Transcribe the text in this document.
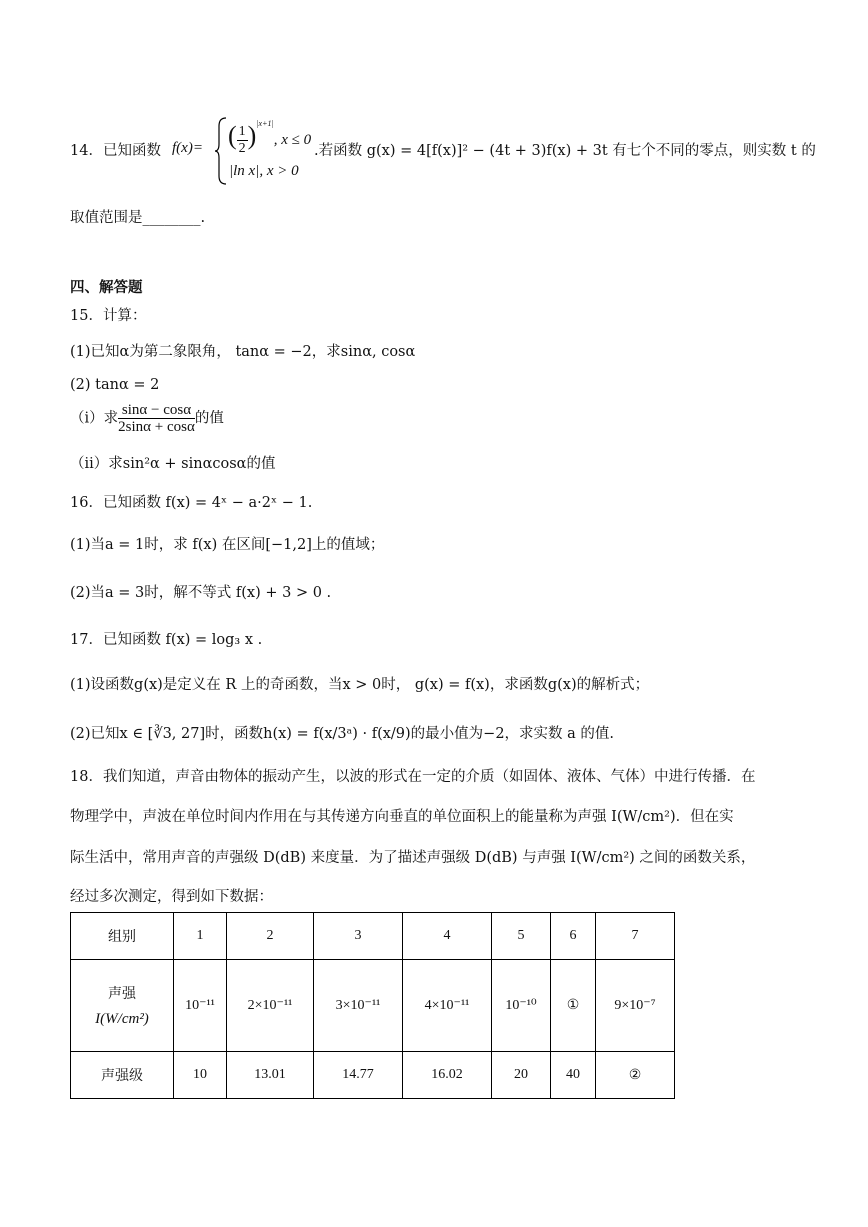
14．已知函数 f(x)= ( $\frac{1}{2} )^{|x+1|}$, x ≤ 0
|ln x|, x > 0
.若函数 g(x) = 4[f(x)]² − (4t + 3)f(x) + 3t 有七个不同的零点，则实数 t 的
取值范围是________.
四、解答题
15．计算：
(1)已知α为第二象限角， tanα = −2，求sinα, cosα
(2) tanα = 2
（i）求 $\frac{\sin\alpha - \cos\alpha}{2\sin\alpha + \cos\alpha}$ 的值
（ii）求sin²α + sinαcosα的值
16．已知函数 f(x) = 4ˣ − a·2ˣ − 1.
(1)当a = 1时，求 f(x) 在区间[−1,2]上的值域；
(2)当a = 3时，解不等式 f(x) + 3 > 0 .
17．已知函数 f(x) = log₃ x .
(1)设函数g(x)是定义在 R 上的奇函数，当x > 0时， g(x) = f(x)，求函数g(x)的解析式；
(2)已知x ∈ [∛3, 27]时，函数h(x) = f(x/3ᵃ) · f(x/9)的最小值为−2，求实数 a 的值.
18．我们知道，声音由物体的振动产生，以波的形式在一定的介质（如固体、液体、气体）中进行传播．在
物理学中，声波在单位时间内作用在与其传递方向垂直的单位面积上的能量称为声强 I(W/cm²)．但在实
际生活中，常用声音的声强级 D(dB) 来度量．为了描述声强级 D(dB) 与声强 I(W/cm²) 之间的函数关系，
经过多次测定，得到如下数据：
组别	1	2	3	4	5	6	7

声强
I(W/cm²)	10⁻¹¹	2×10⁻¹¹	3×10⁻¹¹	4×10⁻¹¹	10⁻¹⁰	①	9×10⁻⁷
声强级	10	13.01	14.77	16.02	20	40	②
